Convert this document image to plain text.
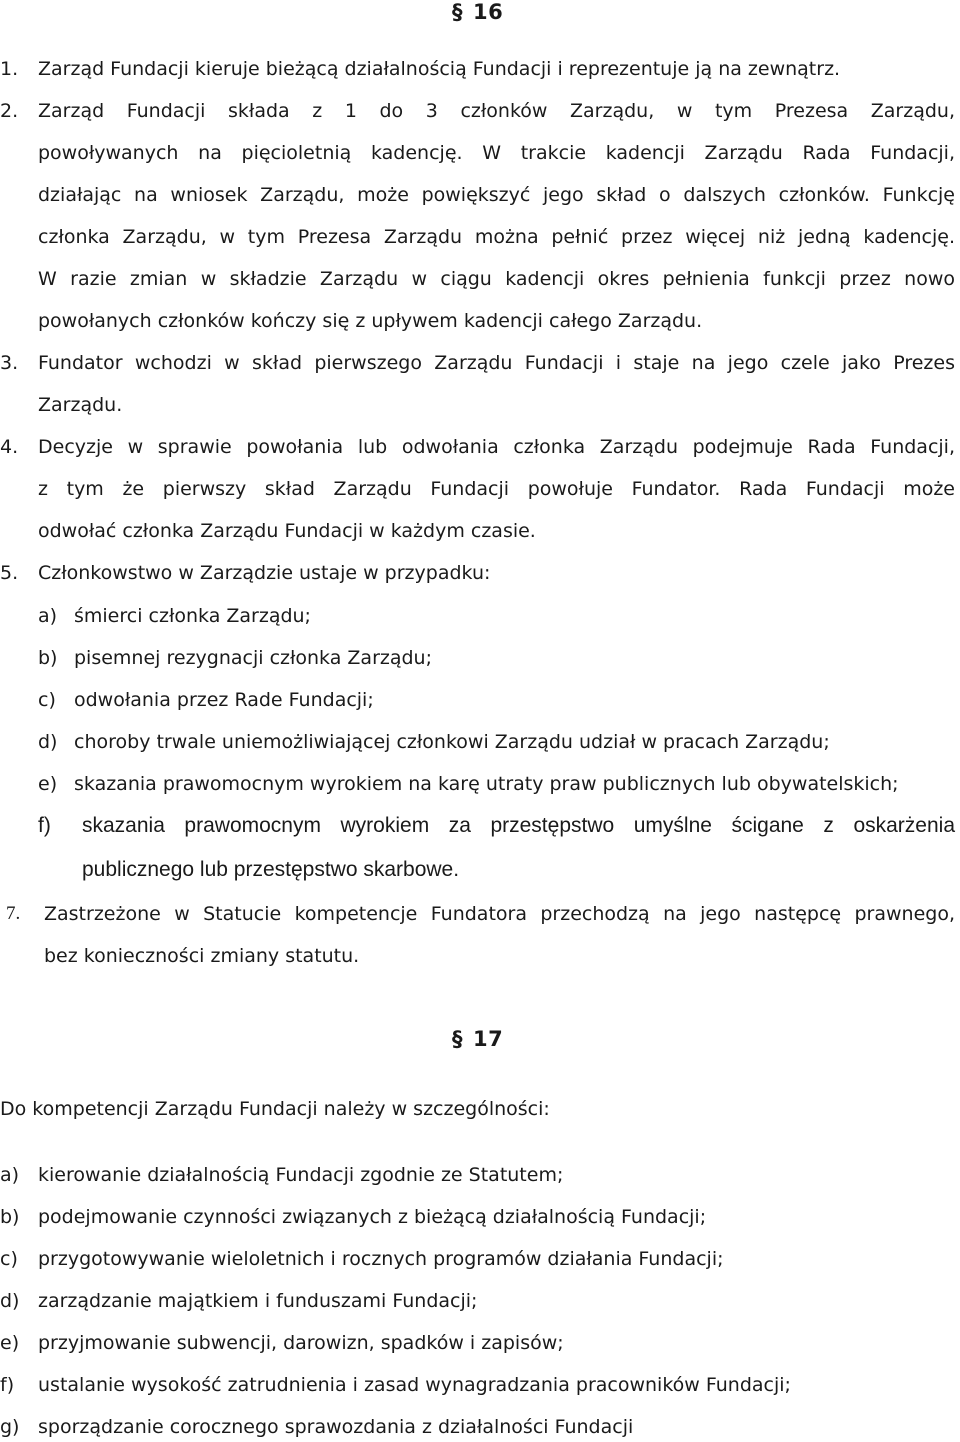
§ 16
1. Zarząd Fundacji kieruje bieżącą działalnością Fundacji i reprezentuje ją na zewnątrz.
2. Zarząd Fundacji składa z 1 do 3 członków Zarządu, w tym Prezesa Zarządu,
powoływanych na pięcioletnią kadencję. W trakcie kadencji Zarządu Rada Fundacji,
działając na wniosek Zarządu, może powiększyć jego skład o dalszych członków. Funkcję
członka Zarządu, w tym Prezesa Zarządu można pełnić przez więcej niż jedną kadencję.
W razie zmian w składzie Zarządu w ciągu kadencji okres pełnienia funkcji przez nowo
powołanych członków kończy się z upływem kadencji całego Zarządu.
3. Fundator wchodzi w skład pierwszego Zarządu Fundacji i staje na jego czele jako Prezes
Zarządu.
4. Decyzje w sprawie powołania lub odwołania członka Zarządu podejmuje Rada Fundacji,
z tym że pierwszy skład Zarządu Fundacji powołuje Fundator. Rada Fundacji może
odwołać członka Zarządu Fundacji w każdym czasie.
5. Członkowstwo w Zarządzie ustaje w przypadku:
a) śmierci członka Zarządu;
b) pisemnej rezygnacji członka Zarządu;
c) odwołania przez Rade Fundacji;
d) choroby trwale uniemożliwiającej członkowi Zarządu udział w pracach Zarządu;
e) skazania prawomocnym wyrokiem na karę utraty praw publicznych lub obywatelskich;
f) skazania prawomocnym wyrokiem za przestępstwo umyślne ścigane z oskarżenia
publicznego lub przestępstwo skarbowe.
7. Zastrzeżone w Statucie kompetencje Fundatora przechodzą na jego następcę prawnego,
bez konieczności zmiany statutu.
§ 17
Do kompetencji Zarządu Fundacji należy w szczególności:
a) kierowanie działalnością Fundacji zgodnie ze Statutem;
b) podejmowanie czynności związanych z bieżącą działalnością Fundacji;
c) przygotowywanie wieloletnich i rocznych programów działania Fundacji;
d) zarządzanie majątkiem i funduszami Fundacji;
e) przyjmowanie subwencji, darowizn, spadków i zapisów;
f) ustalanie wysokość zatrudnienia i zasad wynagradzania pracowników Fundacji;
g) sporządzanie corocznego sprawozdania z działalności Fundacji
